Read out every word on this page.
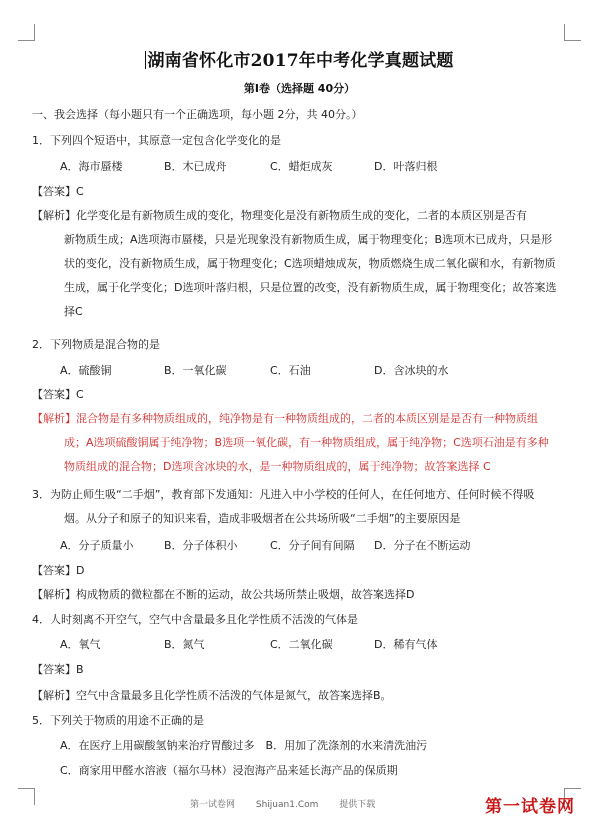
湖南省怀化市2017年中考化学真题试题
第Ⅰ卷（选择题 40分）
一、我会选择（每小题只有一个正确选项，每小题 2分，共 40分。）
1．下列四个短语中，其原意一定包含化学变化的是
A．海市蜃楼	B．木已成舟	C．蜡炬成灰	D．叶落归根
【答案】C
【解析】化学变化是有新物质生成的变化，物理变化是没有新物质生成的变化，二者的本质区别是否有
新物质生成；A选项海市蜃楼，只是光现象没有新物质生成，属于物理变化；B选项木已成舟，只是形
状的变化，没有新物质生成，属于物理变化；C选项蜡烛成灰，物质燃烧生成二氧化碳和水，有新物质
生成，属于化学变化；D选项叶落归根，只是位置的改变，没有新物质生成，属于物理变化；故答案选
择C
2．下列物质是混合物的是
A．硫酸铜	B．一氧化碳	C．石油	D．含冰块的水
【答案】C
【解析】混合物是有多种物质组成的，纯净物是有一种物质组成的，二者的本质区别是是否有一种物质组
成；A选项硫酸铜属于纯净物；B选项一氧化碳，有一种物质组成，属于纯净物；C选项石油是有多种
物质组成的混合物；D选项含冰块的水，是一种物质组成的，属于纯净物；故答案选择 C
3．为防止师生吸“二手烟”，教育部下发通知：凡进入中小学校的任何人，在任何地方、任何时候不得吸
烟。从分子和原子的知识来看，造成非吸烟者在公共场所吸“二手烟”的主要原因是
A．分子质量小	B．分子体积小	C．分子间有间隔 D．分子在不断运动
【答案】D
【解析】构成物质的微粒都在不断的运动，故公共场所禁止吸烟，故答案选择D
4．人时刻离不开空气，空气中含量最多且化学性质不活泼的气体是
A．氧气	B．氮气	C．二氧化碳	D．稀有气体
【答案】B
【解析】空气中含量最多且化学性质不活泼的气体是氮气，故答案选择B。
5．下列关于物质的用途不正确的是
A．在医疗上用碳酸氢钠来治疗胃酸过多　B．用加了洗涤剂的水来清洗油污
C．商家用甲醛水溶液（福尔马林）浸泡海产品来延长海产品的保质期
第一试卷网 Shijuan1.Com 提供下载	第一试卷网
